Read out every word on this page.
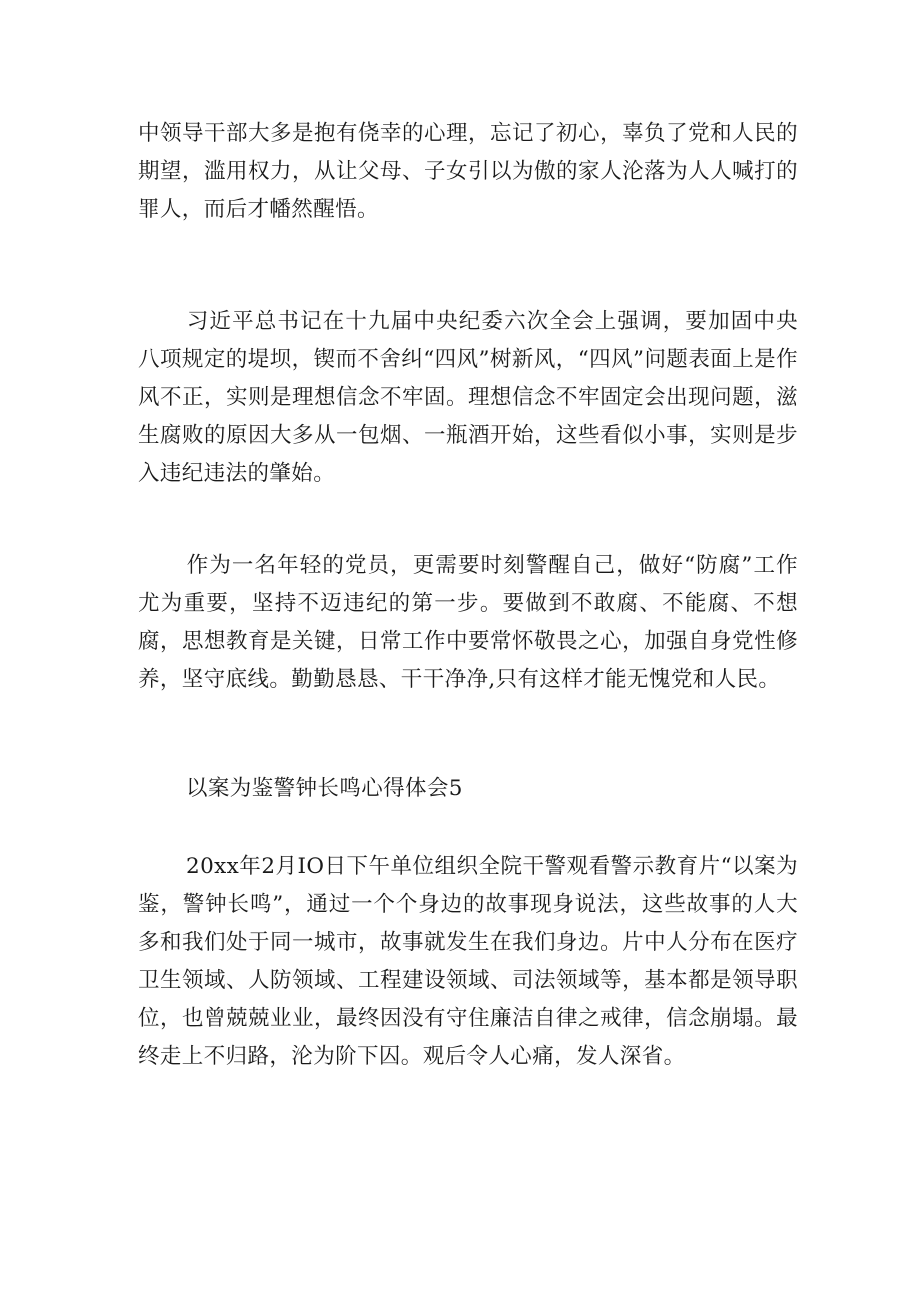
中领导干部大多是抱有侥幸的心理，忘记了初心，辜负了党和人民的期望，滥用权力，从让父母、子女引以为傲的家人沦落为人人喊打的罪人，而后才幡然醒悟。

习近平总书记在十九届中央纪委六次全会上强调，要加固中央八项规定的堤坝，锲而不舍纠“四风”树新风，“四风”问题表面上是作风不正，实则是理想信念不牢固。理想信念不牢固定会出现问题，滋生腐败的原因大多从一包烟、一瓶酒开始，这些看似小事，实则是步入违纪违法的肇始。

作为一名年轻的党员，更需要时刻警醒自己，做好“防腐”工作尤为重要，坚持不迈违纪的第一步。要做到不敢腐、不能腐、不想腐，思想教育是关键，日常工作中要常怀敬畏之心，加强自身党性修养，坚守底线。勤勤恳恳、干干净净,只有这样才能无愧党和人民。

以案为鉴警钟长鸣心得体会5

20xx年2月IO日下午单位组织全院干警观看警示教育片“以案为鉴，警钟长鸣”，通过一个个身边的故事现身说法，这些故事的人大多和我们处于同一城市，故事就发生在我们身边。片中人分布在医疗卫生领域、人防领域、工程建设领域、司法领域等，基本都是领导职位，也曾兢兢业业，最终因没有守住廉洁自律之戒律，信念崩塌。最终走上不归路，沦为阶下囚。观后令人心痛，发人深省。
